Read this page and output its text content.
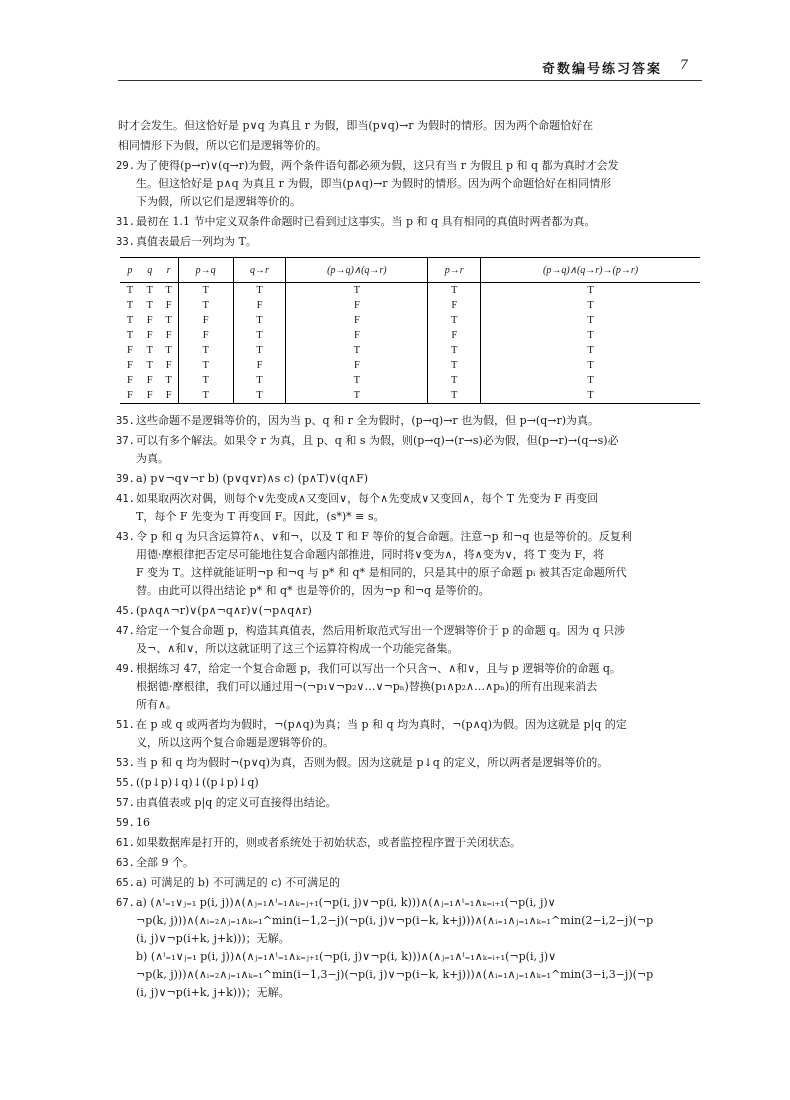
奇数编号练习答案 7

时才会发生。但这恰好是 p∨q 为真且 r 为假，即当(p∨q)→r 为假时的情形。因为两个命题恰好在

相同情形下为假，所以它们是逻辑等价的。

29. 为了使得(p→r)∨(q→r)为假，两个条件语句都必须为假，这只有当 r 为假且 p 和 q 都为真时才会发
生。但这恰好是 p∧q 为真且 r 为假，即当(p∧q)→r 为假时的情形。因为两个命题恰好在相同情形
下为假，所以它们是逻辑等价的。
31. 最初在 1.1 节中定义双条件命题时已看到过这事实。当 p 和 q 具有相同的真值时两者都为真。
33. 真值表最后一列均为 T。
p	q	r	p→q	q→r	(p→q)∧(q→r)	p→r	(p→q)∧(q→r)→(p→r)
T	T	T	T	T	T	T	T
T	T	F	T	F	F	F	T
T	F	T	F	T	F	T	T
T	F	F	F	T	F	F	T
F	T	T	T	T	T	T	T
F	T	F	T	F	F	T	T
F	F	T	T	T	T	T	T
F	F	F	T	T	T	T	T
35. 这些命题不是逻辑等价的，因为当 p、q 和 r 全为假时，(p→q)→r 也为假，但 p→(q→r)为真。
37. 可以有多个解法。如果令 r 为真，且 p、q 和 s 为假，则(p→q)→(r→s)必为假，但(p→r)→(q→s)必
为真。
39. a) p∨¬q∨¬r b) (p∨q∨r)∧s c) (p∧T)∨(q∧F)
41. 如果取两次对偶，则每个∨先变成∧又变回∨，每个∧先变成∨又变回∧，每个 T 先变为 F 再变回
T，每个 F 先变为 T 再变回 F。因此，(s*)* ≡ s。
43. 令 p 和 q 为只含运算符∧、∨和¬，以及 T 和 F 等价的复合命题。注意¬p 和¬q 也是等价的。反复利
用德·摩根律把否定尽可能地往复合命题内部推进，同时将∨变为∧，将∧变为∨，将 T 变为 F，将
F 变为 T。这样就能证明¬p 和¬q 与 p* 和 q* 是相同的，只是其中的原子命题 pᵢ 被其否定命题所代
替。由此可以得出结论 p* 和 q* 也是等价的，因为¬p 和¬q 是等价的。
45. (p∧q∧¬r)∨(p∧¬q∧r)∨(¬p∧q∧r)
47. 给定一个复合命题 p，构造其真值表，然后用析取范式写出一个逻辑等价于 p 的命题 q。因为 q 只涉
及¬、∧和∨，所以这就证明了这三个运算符构成一个功能完备集。
49. 根据练习 47，给定一个复合命题 p，我们可以写出一个只含¬、∧和∨，且与 p 逻辑等价的命题 q。
根据德·摩根律，我们可以通过用¬(¬p₁∨¬p₂∨…∨¬pₙ)替换(p₁∧p₂∧…∧pₙ)的所有出现来消去
所有∧。
51. 在 p 或 q 或两者均为假时，¬(p∧q)为真；当 p 和 q 均为真时，¬(p∧q)为假。因为这就是 p|q 的定
义，所以这两个复合命题是逻辑等价的。
53. 当 p 和 q 均为假时¬(p∨q)为真，否则为假。因为这就是 p↓q 的定义，所以两者是逻辑等价的。
55. ((p↓p)↓q)↓((p↓p)↓q)
57. 由真值表或 p|q 的定义可直接得出结论。
59. 16
61. 如果数据库是打开的，则或者系统处于初始状态，或者监控程序置于关闭状态。
63. 全部 9 个。
65. a) 可满足的 b) 不可满足的 c) 不可满足的
67. a) (∧ⁱ₌₁∨ⱼ₌₁ p(i, j))∧(∧ⱼ₌₁∧ⁱ₌₁∧ₖ₌ⱼ₊₁(¬p(i, j)∨¬p(i, k)))∧(∧ⱼ₌₁∧ⁱ₌₁∧ₖ₌ᵢ₊₁(¬p(i, j)∨
¬p(k, j)))∧(∧ᵢ₌₂∧ⱼ₌₁∧ₖ₌₁^min(i−1,2−j)(¬p(i, j)∨¬p(i−k, k+j)))∧(∧ᵢ₌₁∧ⱼ₌₁∧ₖ₌₁^min(2−i,2−j)(¬p
(i, j)∨¬p(i+k, j+k)))；无解。
b) (∧ⁱ₌₁∨ⱼ₌₁ p(i, j))∧(∧ⱼ₌₁∧ⁱ₌₁∧ₖ₌ⱼ₊₁(¬p(i, j)∨¬p(i, k)))∧(∧ⱼ₌₁∧ⁱ₌₁∧ₖ₌ᵢ₊₁(¬p(i, j)∨
¬p(k, j)))∧(∧ᵢ₌₂∧ⱼ₌₁∧ₖ₌₁^min(i−1,3−j)(¬p(i, j)∨¬p(i−k, k+j)))∧(∧ᵢ₌₁∧ⱼ₌₁∧ₖ₌₁^min(3−i,3−j)(¬p
(i, j)∨¬p(i+k, j+k)))；无解。
